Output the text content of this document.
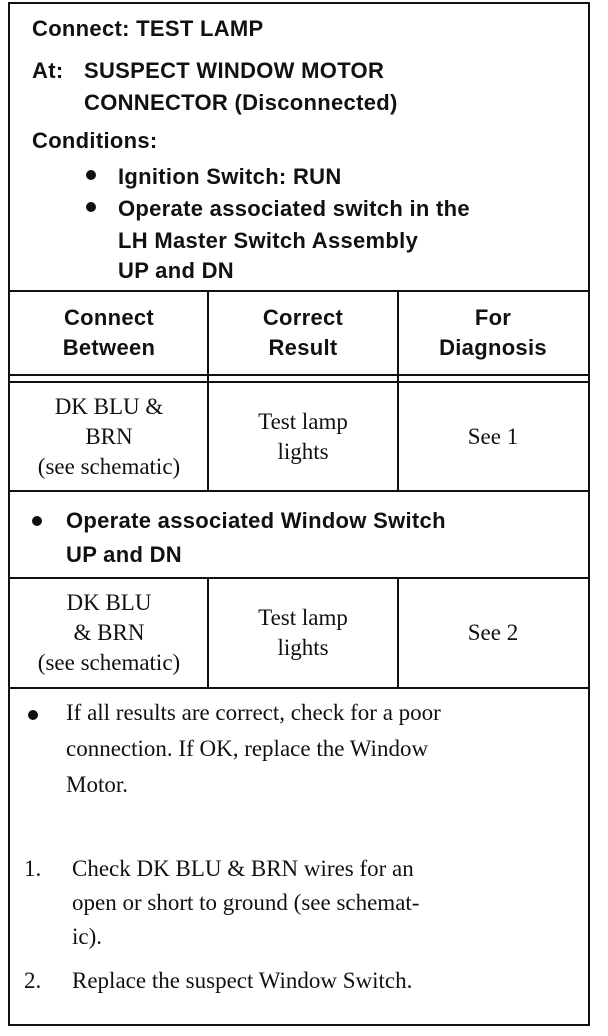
Connect: TEST LAMP
At: SUSPECT WINDOW MOTOR
CONNECTOR (Disconnected)
Conditions:
Ignition Switch: RUN
Operate associated switch in the
LH Master Switch Assembly
UP and DN
Connect
Between
Correct
Result
For
Diagnosis
DK BLU &
BRN
(see schematic)
Test lamp
lights
See 1
Operate associated Window Switch
UP and DN
DK BLU
& BRN
(see schematic)
Test lamp
lights
See 2
If all results are correct, check for a poor
connection. If OK, replace the Window
Motor.
1. Check DK BLU & BRN wires for an
open or short to ground (see schemat-
ic).
2. Replace the suspect Window Switch.
